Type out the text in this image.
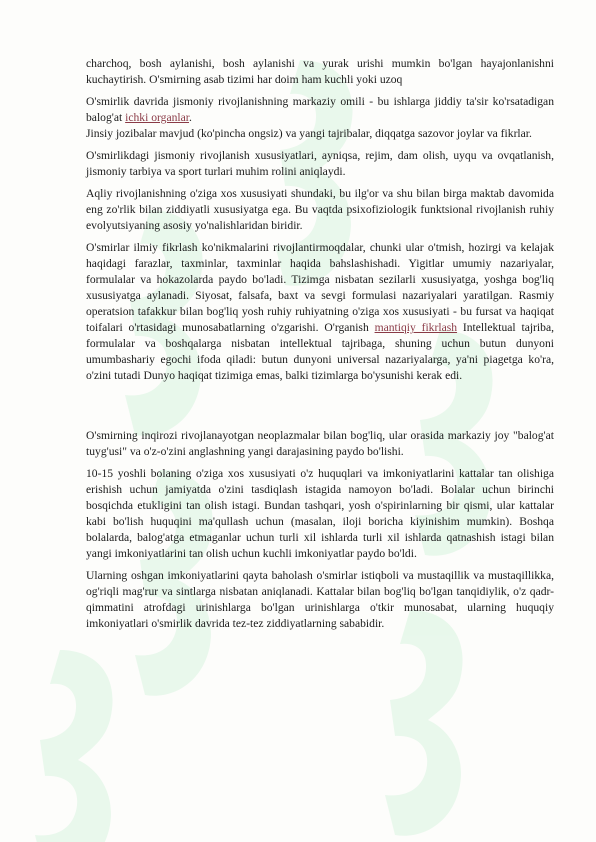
charchoq, bosh aylanishi, bosh aylanishi va yurak urishi mumkin bo'lgan hayajonlanishni kuchaytirish. O'smirning asab tizimi har doim ham kuchli yoki uzoq

O'smirlik davrida jismoniy rivojlanishning markaziy omili - bu ishlarga jiddiy ta'sir ko'rsatadigan balog'at ichki organlar.

Jinsiy jozibalar mavjud (ko'pincha ongsiz) va yangi tajribalar, diqqatga sazovor joylar va fikrlar.

O'smirlikdagi jismoniy rivojlanish xususiyatlari, ayniqsa, rejim, dam olish, uyqu va ovqatlanish, jismoniy tarbiya va sport turlari muhim rolini aniqlaydi.

Aqliy rivojlanishning o'ziga xos xususiyati shundaki, bu ilg'or va shu bilan birga maktab davomida eng zo'rlik bilan ziddiyatli xususiyatga ega. Bu vaqtda psixofiziologik funktsional rivojlanish ruhiy evolyutsiyaning asosiy yo'nalishlaridan biridir.

O'smirlar ilmiy fikrlash ko'nikmalarini rivojlantirmoqdalar, chunki ular o'tmish, hozirgi va kelajak haqidagi farazlar, taxminlar, taxminlar haqida bahslashishadi. Yigitlar umumiy nazariyalar, formulalar va hokazolarda paydo bo'ladi. Tizimga nisbatan sezilarli xususiyatga, yoshga bog'liq xususiyatga aylanadi. Siyosat, falsafa, baxt va sevgi formulasi nazariyalari yaratilgan. Rasmiy operatsion tafakkur bilan bog'liq yosh ruhiy ruhiyatning o'ziga xos xususiyati - bu fursat va haqiqat toifalari o'rtasidagi munosabatlarning o'zgarishi. O'rganish mantiqiy fikrlash Intellektual tajriba, formulalar va boshqalarga nisbatan intellektual tajribaga, shuning uchun butun dunyoni umumbashariy egochi ifoda qiladi: butun dunyoni universal nazariyalarga, ya'ni piagetga ko'ra, o'zini tutadi Dunyo haqiqat tizimiga emas, balki tizimlarga bo'ysunishi kerak edi.

O'smirning inqirozi rivojlanayotgan neoplazmalar bilan bog'liq, ular orasida markaziy joy "balog'at tuyg'usi" va o'z-o'zini anglashning yangi darajasining paydo bo'lishi.

10-15 yoshli bolaning o'ziga xos xususiyati o'z huquqlari va imkoniyatlarini kattalar tan olishiga erishish uchun jamiyatda o'zini tasdiqlash istagida namoyon bo'ladi. Bolalar uchun birinchi bosqichda etukligini tan olish istagi. Bundan tashqari, yosh o'spirinlarning bir qismi, ular kattalar kabi bo'lish huquqini ma'qullash uchun (masalan, iloji boricha kiyinishim mumkin). Boshqa bolalarda, balog'atga etmaganlar uchun turli xil ishlarda turli xil ishlarda qatnashish istagi bilan yangi imkoniyatlarini tan olish uchun kuchli imkoniyatlar paydo bo'ldi.

Ularning oshgan imkoniyatlarini qayta baholash o'smirlar istiqboli va mustaqillik va mustaqillikka, og'riqli mag'rur va sintlarga nisbatan aniqlanadi. Kattalar bilan bog'liq bo'lgan tanqidiylik, o'z qadr-qimmatini atrofdagi urinishlarga bo'lgan urinishlarga o'tkir munosabat, ularning huquqiy imkoniyatlari o'smirlik davrida tez-tez ziddiyatlarning sababidir.
